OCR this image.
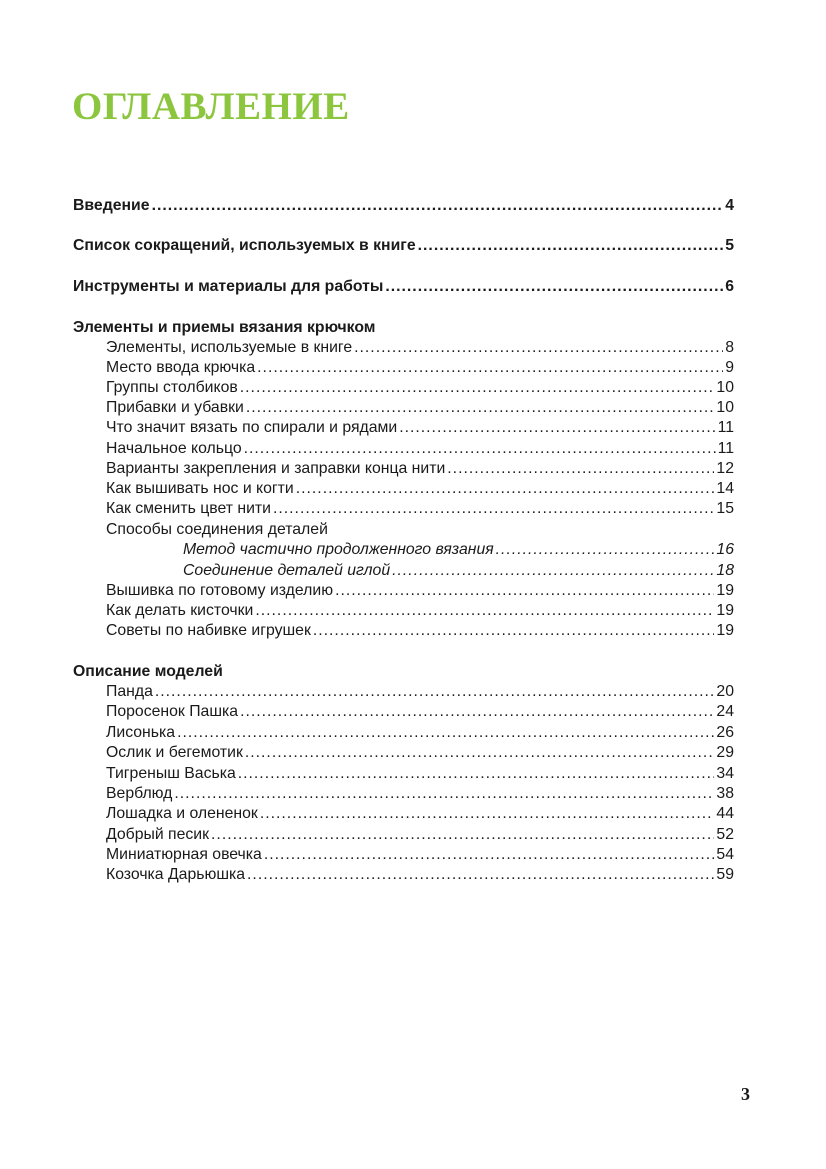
ОГЛАВЛЕНИЕ
Введение .....	4
Список сокращений, используемых в книге .....	5
Инструменты и материалы для работы .....	6
Элементы и приемы вязания крючком
Элементы, используемые в книге .....	8
Место ввода крючка .....	9
Группы столбиков .....	10
Прибавки и убавки .....	10
Что значит вязать по спирали и рядами .....	11
Начальное кольцо .....	11
Варианты закрепления и заправки конца нити .....	12
Как вышивать нос и когти .....	14
Как сменить цвет нити .....	15
Способы соединения деталей
Метод частично продолженного вязания .....	16
Соединение деталей иглой .....	18
Вышивка по готовому изделию .....	19
Как делать кисточки .....	19
Советы по набивке игрушек .....	19
Описание моделей
Панда .....	20
Поросенок Пашка .....	24
Лисонька .....	26
Ослик и бегемотик .....	29
Тигреныш Васька .....	34
Верблюд .....	38
Лошадка и олененок .....	44
Добрый песик .....	52
Миниатюрная овечка .....	54
Козочка Дарьюшка .....	59
3
